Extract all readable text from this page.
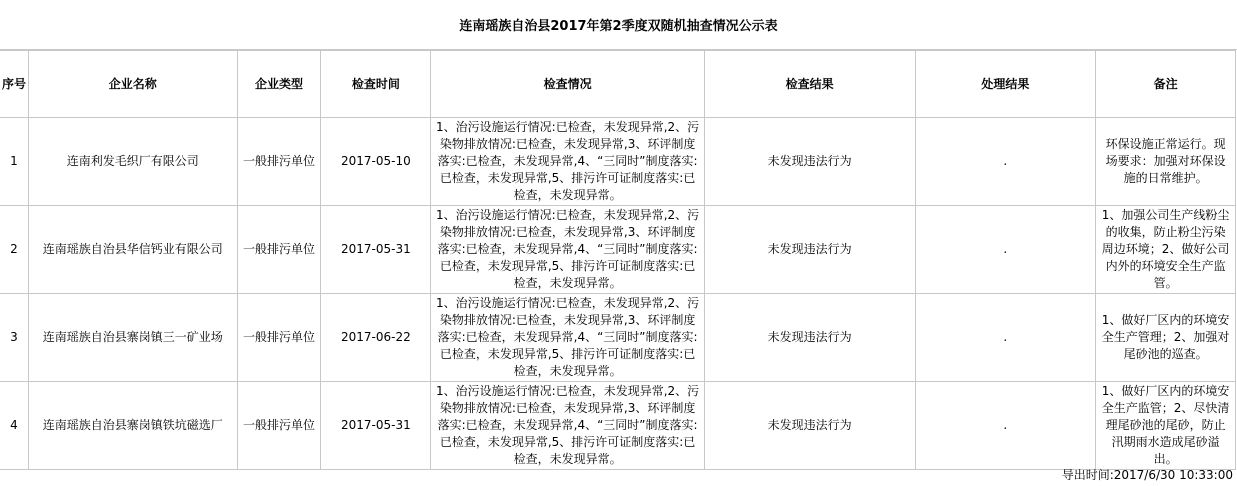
连南瑶族自治县2017年第2季度双随机抽查情况公示表
序号	企业名称	企业类型	检查时间	检查情况	检查结果	处理结果	备注
1	连南利发毛织厂有限公司	一般排污单位	2017-05-10	1、治污设施运行情况:已检查，未发现异常,2、污染物排放情况:已检查，未发现异常,3、环评制度落实:已检查，未发现异常,4、“三同时”制度落实:已检查，未发现异常,5、排污许可证制度落实:已检查，未发现异常。	未发现违法行为	.	环保设施正常运行。现场要求：加强对环保设施的日常维护。

2	连南瑶族自治县华信钙业有限公司	一般排污单位	2017-05-31	1、治污设施运行情况:已检查，未发现异常,2、污染物排放情况:已检查，未发现异常,3、环评制度落实:已检查，未发现异常,4、“三同时”制度落实:已检查，未发现异常,5、排污许可证制度落实:已检查，未发现异常。	未发现违法行为	.	1、加强公司生产线粉尘的收集，防止粉尘污染周边环境；2、做好公司内外的环境安全生产监管。

3	连南瑶族自治县寨岗镇三一矿业场	一般排污单位	2017-06-22	1、治污设施运行情况:已检查，未发现异常,2、污染物排放情况:已检查，未发现异常,3、环评制度落实:已检查，未发现异常,4、“三同时”制度落实:已检查，未发现异常,5、排污许可证制度落实:已检查，未发现异常。	未发现违法行为	.	1、做好厂区内的环境安全生产管理；2、加强对尾砂池的巡查。

4	连南瑶族自治县寨岗镇铁坑磁选厂	一般排污单位	2017-05-31	1、治污设施运行情况:已检查，未发现异常,2、污染物排放情况:已检查，未发现异常,3、环评制度落实:已检查，未发现异常,4、“三同时”制度落实:已检查，未发现异常,5、排污许可证制度落实:已检查，未发现异常。	未发现违法行为	.	1、做好厂区内的环境安全生产监管；2、尽快清理尾砂池的尾砂，防止汛期雨水造成尾砂溢出。
导出时间:2017/6/30 10:33:00
